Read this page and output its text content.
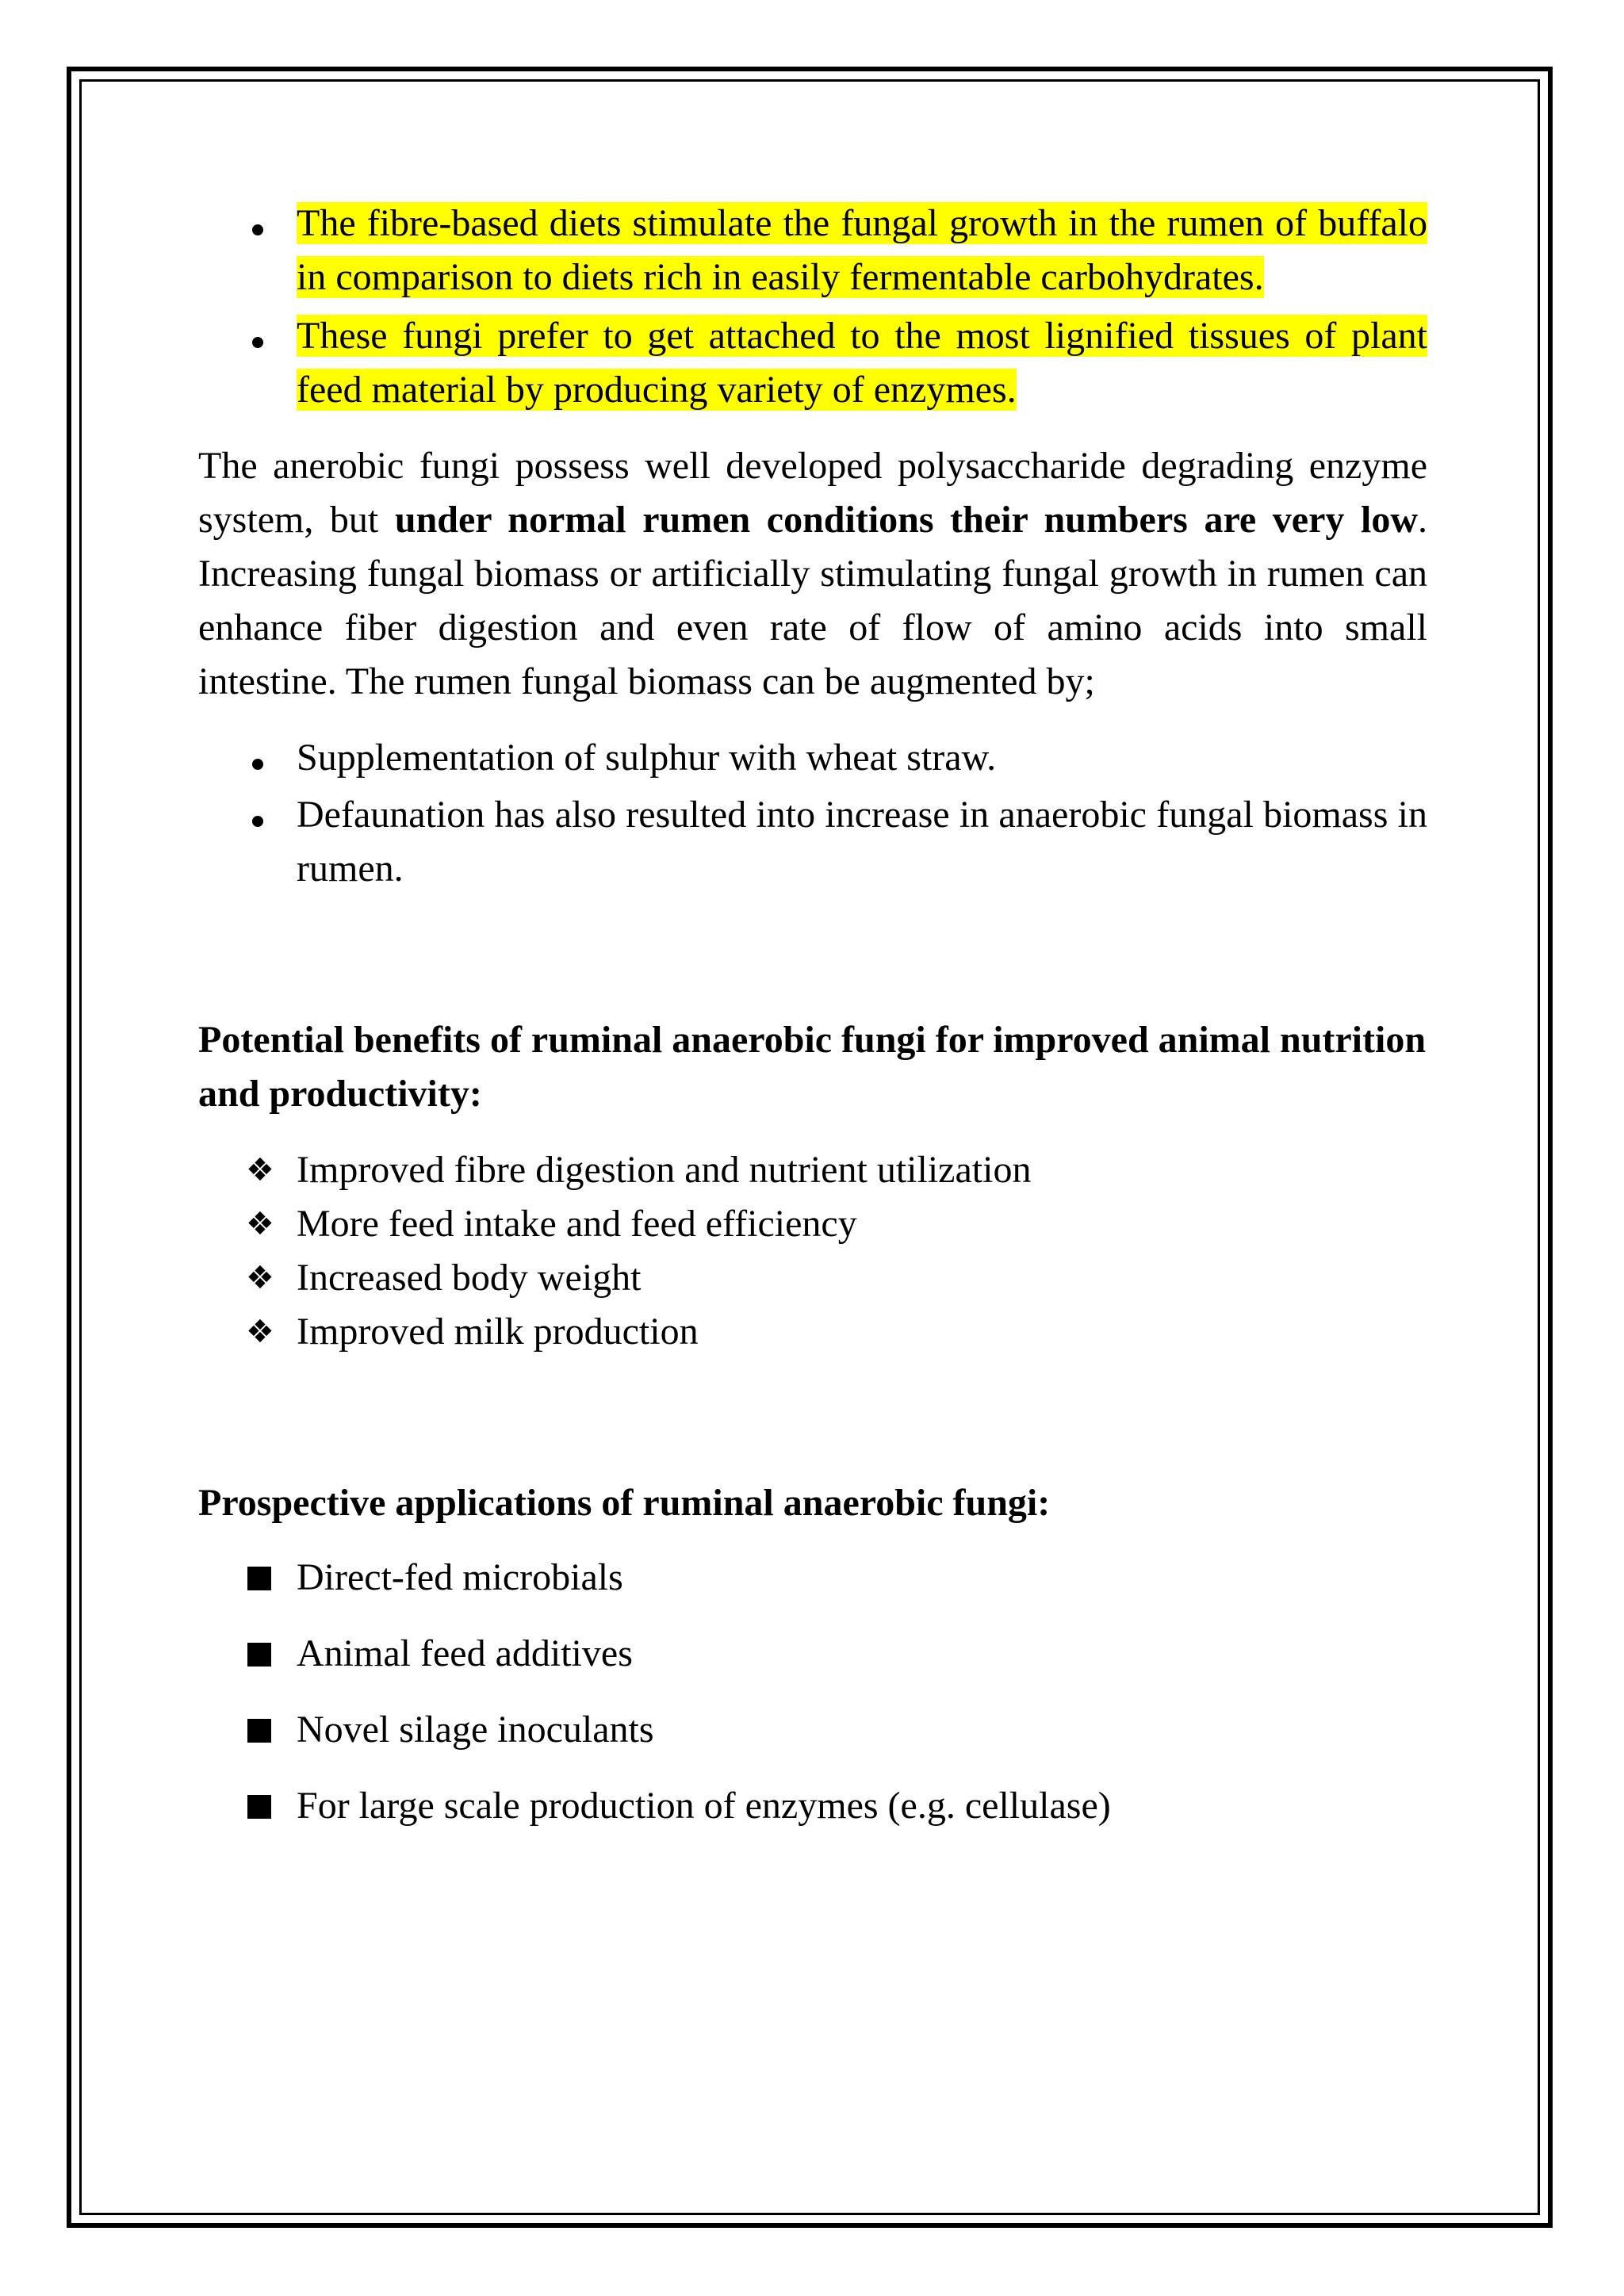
The fibre-based diets stimulate the fungal growth in the rumen of buffalo in comparison to diets rich in easily fermentable carbohydrates.
These fungi prefer to get attached to the most lignified tissues of plant feed material by producing variety of enzymes.

The anerobic fungi possess well developed polysaccharide degrading enzyme system, but under normal rumen conditions their numbers are very low. Increasing fungal biomass or artificially stimulating fungal growth in rumen can enhance fiber digestion and even rate of flow of amino acids into small intestine. The rumen fungal biomass can be augmented by;

Supplementation of sulphur with wheat straw.
Defaunation has also resulted into increase in anaerobic fungal biomass in rumen.

Potential benefits of ruminal anaerobic fungi for improved animal nutrition and productivity:

❖ Improved fibre digestion and nutrient utilization
❖ More feed intake and feed efficiency
❖ Increased body weight
❖ Improved milk production

Prospective applications of ruminal anaerobic fungi:

Direct-fed microbials
Animal feed additives
Novel silage inoculants
For large scale production of enzymes (e.g. cellulase)
